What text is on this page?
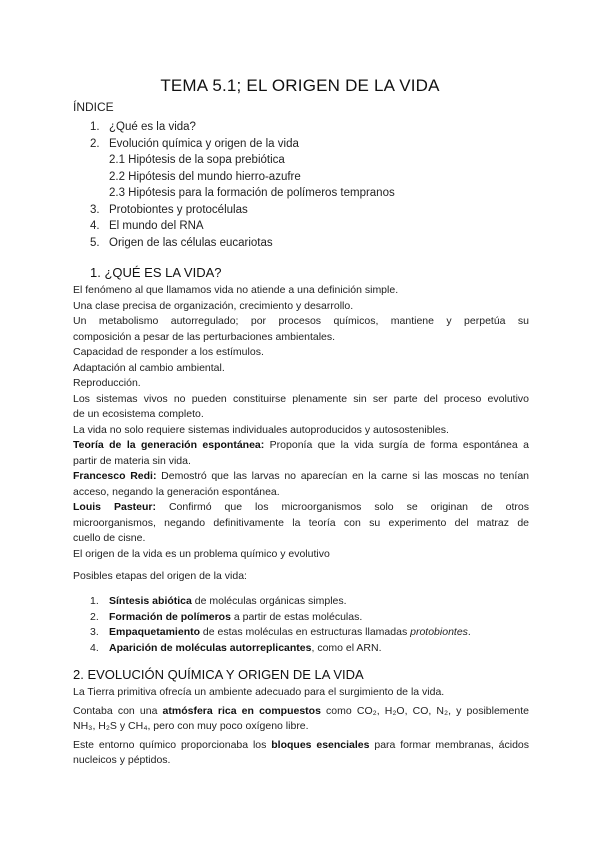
TEMA 5.1; EL ORIGEN DE LA VIDA
ÍNDICE
1. ¿Qué es la vida?
2. Evolución química y origen de la vida
2.1 Hipótesis de la sopa prebiótica
2.2 Hipótesis del mundo hierro-azufre
2.3 Hipótesis para la formación de polímeros tempranos
3. Protobiontes y protocélulas
4. El mundo del RNA
5. Origen de las células eucariotas
1. ¿QUÉ ES LA VIDA?

El fenómeno al que llamamos vida no atiende a una definición simple.

Una clase precisa de organización, crecimiento y desarrollo.

Un metabolismo autorregulado; por procesos químicos, mantiene y perpetúa su

composición a pesar de las perturbaciones ambientales.

Capacidad de responder a los estímulos.

Adaptación al cambio ambiental.

Reproducción.

Los sistemas vivos no pueden constituirse plenamente sin ser parte del proceso evolutivo

de un ecosistema completo.

La vida no solo requiere sistemas individuales autoproducidos y autosostenibles.

Teoría de la generación espontánea: Proponía que la vida surgía de forma espontánea a

partir de materia sin vida.

Francesco Redi: Demostró que las larvas no aparecían en la carne si las moscas no tenían

acceso, negando la generación espontánea.

Louis Pasteur: Confirmó que los microorganismos solo se originan de otros

microorganismos, negando definitivamente la teoría con su experimento del matraz de

cuello de cisne.

El origen de la vida es un problema químico y evolutivo

Posibles etapas del origen de la vida:

1. Síntesis abiótica de moléculas orgánicas simples.
2. Formación de polímeros a partir de estas moléculas.
3. Empaquetamiento de estas moléculas en estructuras llamadas protobiontes.
4. Aparición de moléculas autorreplicantes, como el ARN.
2. EVOLUCIÓN QUÍMICA Y ORIGEN DE LA VIDA

La Tierra primitiva ofrecía un ambiente adecuado para el surgimiento de la vida.

Contaba con una atmósfera rica en compuestos como CO₂, H₂O, CO, N₂, y posiblemente

NH₃, H₂S y CH₄, pero con muy poco oxígeno libre.

Este entorno químico proporcionaba los bloques esenciales para formar membranas, ácidos

nucleicos y péptidos.
